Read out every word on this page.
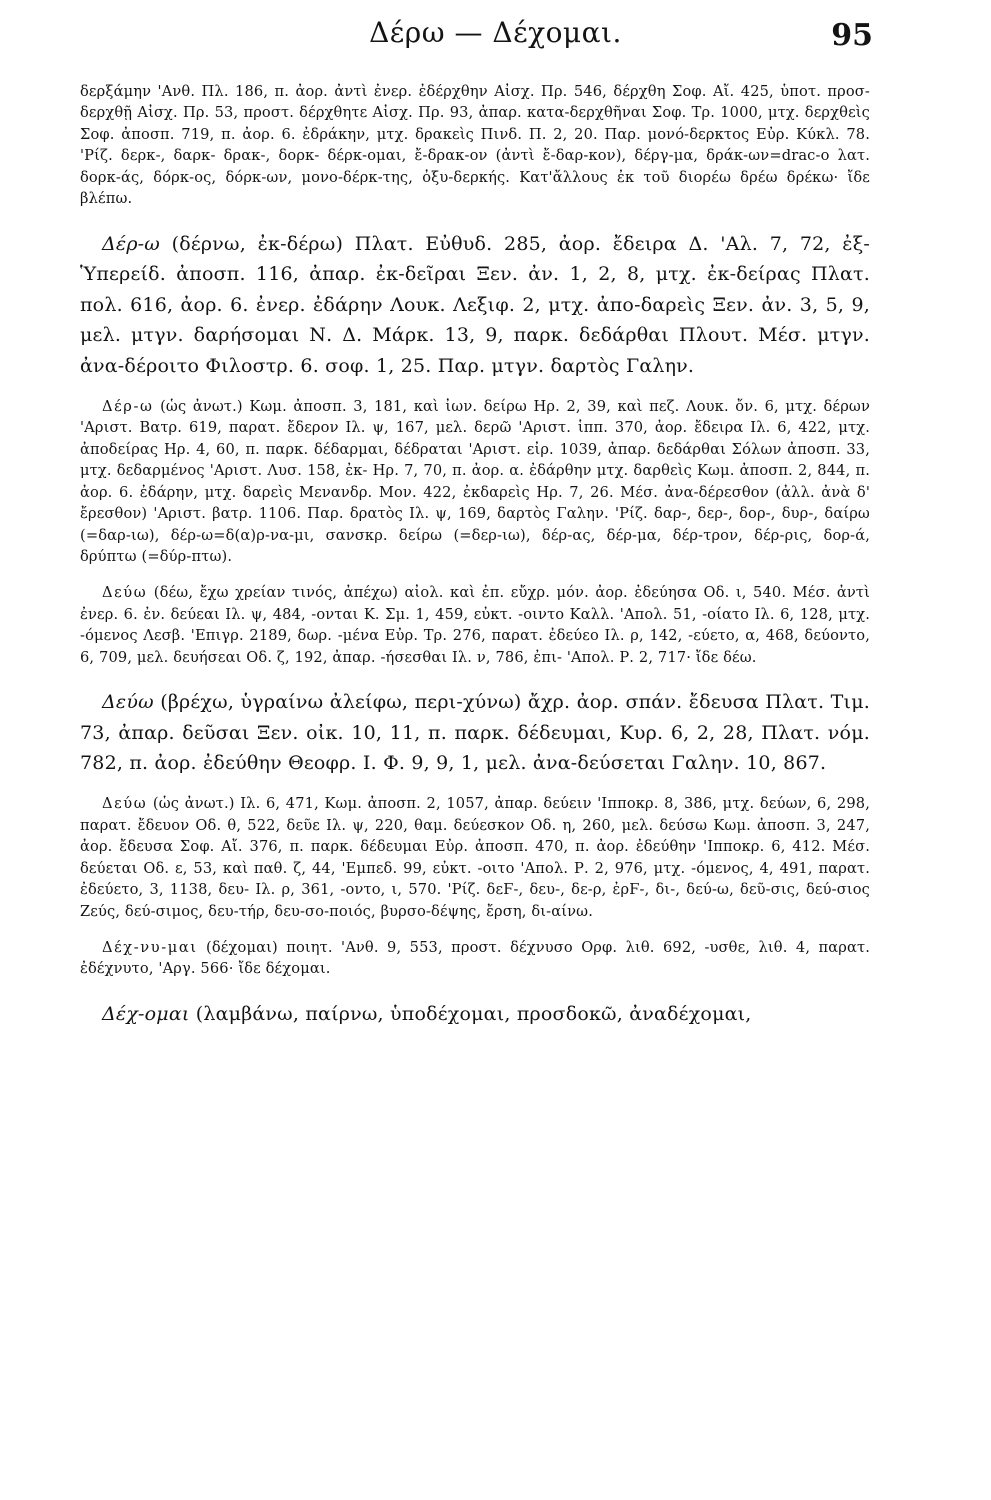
Δέρω — Δέχομαι.	95

δερξάμην 'Ανθ. Πλ. 186, π. ἀορ. ἀντὶ ἐνερ. ἐδέρχθην Αἰσχ. Πρ. 546, δέρχθη Σοφ. Αἴ. 425, ὑποτ. προσ-δερχθῇ Αἰσχ. Πρ. 53, προστ. δέρχθητε Αἰσχ. Πρ. 93, ἀπαρ. κατα-δερχθῆναι Σοφ. Τρ. 1000, μτχ. δερχθεὶς Σοφ. ἀποσπ. 719, π. ἀορ. 6. ἐδράκην, μτχ. δρακεὶς Πινδ. Π. 2, 20. Παρ. μονό-δερκτος Εὐρ. Κύκλ. 78. 'Ρίζ. δερκ-, δαρκ- δρακ-, δορκ- δέρκ-ομαι, ἔ-δρακ-ον (ἀντὶ ἔ-δαρ-κον), δέργ-μα, δράκ-ων=drac-o λατ. δορκ-άς, δόρκ-ος, δόρκ-ων, μονο-δέρκ-της, ὀξυ-δερκής. Κατ'ἄλλους ἐκ τοῦ διορέω δρέω δρέκω· ἴδε βλέπω.

Δέρ-ω (δέρνω, ἐκ-δέρω) Πλατ. Εὐθυδ. 285, ἀορ. ἔδειρα Δ. 'Αλ. 7, 72, ἐξ- Ὑπερείδ. ἀποσπ. 116, ἀπαρ. ἐκ-δεῖραι Ξεν. ἀν. 1, 2, 8, μτχ. ἐκ-δείρας Πλατ. πολ. 616, ἀορ. 6. ἐνερ. ἐδάρην Λουκ. Λεξιφ. 2, μτχ. ἀπο-δαρεὶς Ξεν. ἀν. 3, 5, 9, μελ. μτγν. δαρήσομαι Ν. Δ. Μάρκ. 13, 9, παρκ. δεδάρθαι Πλουτ. Μέσ. μτγν. ἀνα-δέροιτο Φιλοστρ. 6. σοφ. 1, 25. Παρ. μτγν. δαρτὸς Γαλην.

Δέρ-ω (ὡς ἀνωτ.) Κωμ. ἀποσπ. 3, 181, καὶ ἰων. δείρω Ηρ. 2, 39, καὶ πεζ. Λουκ. ὄν. 6, μτχ. δέρων 'Αριστ. Βατρ. 619, παρατ. ἔδερον Ιλ. ψ, 167, μελ. δερῶ 'Αριστ. ἱππ. 370, ἀορ. ἔδειρα Ιλ. 6, 422, μτχ. ἀποδείρας Ηρ. 4, 60, π. παρκ. δέδαρμαι, δέδραται 'Αριστ. εἰρ. 1039, ἀπαρ. δεδάρθαι Σόλων ἀποσπ. 33, μτχ. δεδαρμένος 'Αριστ. Λυσ. 158, ἐκ- Ηρ. 7, 70, π. ἀορ. α. ἐδάρθην μτχ. δαρθεὶς Κωμ. ἀποσπ. 2, 844, π. ἀορ. 6. ἐδάρην, μτχ. δαρεὶς Μενανδρ. Μον. 422, ἐκδαρεὶς Ηρ. 7, 26. Μέσ. ἀνα-δέρεσθον (ἀλλ. ἀνὰ δ' ἔρεσθον) 'Αριστ. βατρ. 1106. Παρ. δρατὸς Ιλ. ψ, 169, δαρτὸς Γαλην. 'Ρίζ. δαρ-, δερ-, δορ-, δυρ-, δαίρω (=δαρ-ιω), δέρ-ω=δ(α)ρ-να-μι, σανσκρ. δείρω (=δερ-ιω), δέρ-ας, δέρ-μα, δέρ-τρον, δέρ-ρις, δορ-ά, δρύπτω (=δύρ-πτω).

Δεύω (δέω, ἔχω χρείαν τινός, ἀπέχω) αἰολ. καὶ ἐπ. εὔχρ. μόν. ἀορ. ἐδεύησα Οδ. ι, 540. Μέσ. ἀντὶ ἐνερ. 6. ἐν. δεύεαι Ιλ. ψ, 484, -ονται Κ. Σμ. 1, 459, εὐκτ. -οιντο Καλλ. 'Απολ. 51, -οίατο Ιλ. 6, 128, μτχ. -όμενος Λεσβ. 'Επιγρ. 2189, δωρ. -μένα Εὐρ. Τρ. 276, παρατ. ἐδεύεο Ιλ. ρ, 142, -εύετο, α, 468, δεύοντο, 6, 709, μελ. δευήσεαι Οδ. ζ, 192, ἀπαρ. -ήσεσθαι Ιλ. ν, 786, ἐπι- 'Απολ. Ρ. 2, 717· ἴδε δέω.

Δεύω (βρέχω, ὑγραίνω ἀλείφω, περι-χύνω) ἄχρ. ἀορ. σπάν. ἔδευσα Πλατ. Τιμ. 73, ἀπαρ. δεῦσαι Ξεν. οἰκ. 10, 11, π. παρκ. δέδευμαι, Κυρ. 6, 2, 28, Πλατ. νόμ. 782, π. ἀορ. ἐδεύθην Θεοφρ. Ι. Φ. 9, 9, 1, μελ. ἀνα-δεύσεται Γαλην. 10, 867.

Δεύω (ὡς ἀνωτ.) Ιλ. 6, 471, Κωμ. ἀποσπ. 2, 1057, ἀπαρ. δεύειν 'Ιπποκρ. 8, 386, μτχ. δεύων, 6, 298, παρατ. ἔδευον Οδ. θ, 522, δεῦε Ιλ. ψ, 220, θαμ. δεύεσκον Οδ. η, 260, μελ. δεύσω Κωμ. ἀποσπ. 3, 247, ἀορ. ἔδευσα Σοφ. Αἴ. 376, π. παρκ. δέδευμαι Εὐρ. ἀποσπ. 470, π. ἀορ. ἐδεύθην 'Ιπποκρ. 6, 412. Μέσ. δεύεται Οδ. ε, 53, καὶ παθ. ζ, 44, 'Εμπεδ. 99, εὐκτ. -οιτο 'Απολ. Ρ. 2, 976, μτχ. -όμενος, 4, 491, παρατ. ἐδεύετο, 3, 1138, δευ- Ιλ. ρ, 361, -οντο, ι, 570. 'Ρίζ. δεϜ-, δευ-, δε-ρ, ἐρϜ-, δι-, δεύ-ω, δεῦ-σις, δεύ-σιος Ζεύς, δεύ-σιμος, δευ-τήρ, δευ-σο-ποιός, βυρσο-δέψης, ἔρση, δι-αίνω.

Δέχ-νυ-μαι (δέχομαι) ποιητ. 'Ανθ. 9, 553, προστ. δέχνυσο Ορφ. λιθ. 692, -υσθε, λιθ. 4, παρατ. ἐδέχνυτο, 'Αργ. 566· ἴδε δέχομαι.

Δέχ-ομαι (λαμβάνω, παίρνω, ὑποδέχομαι, προσδοκῶ, ἀναδέχομαι,
